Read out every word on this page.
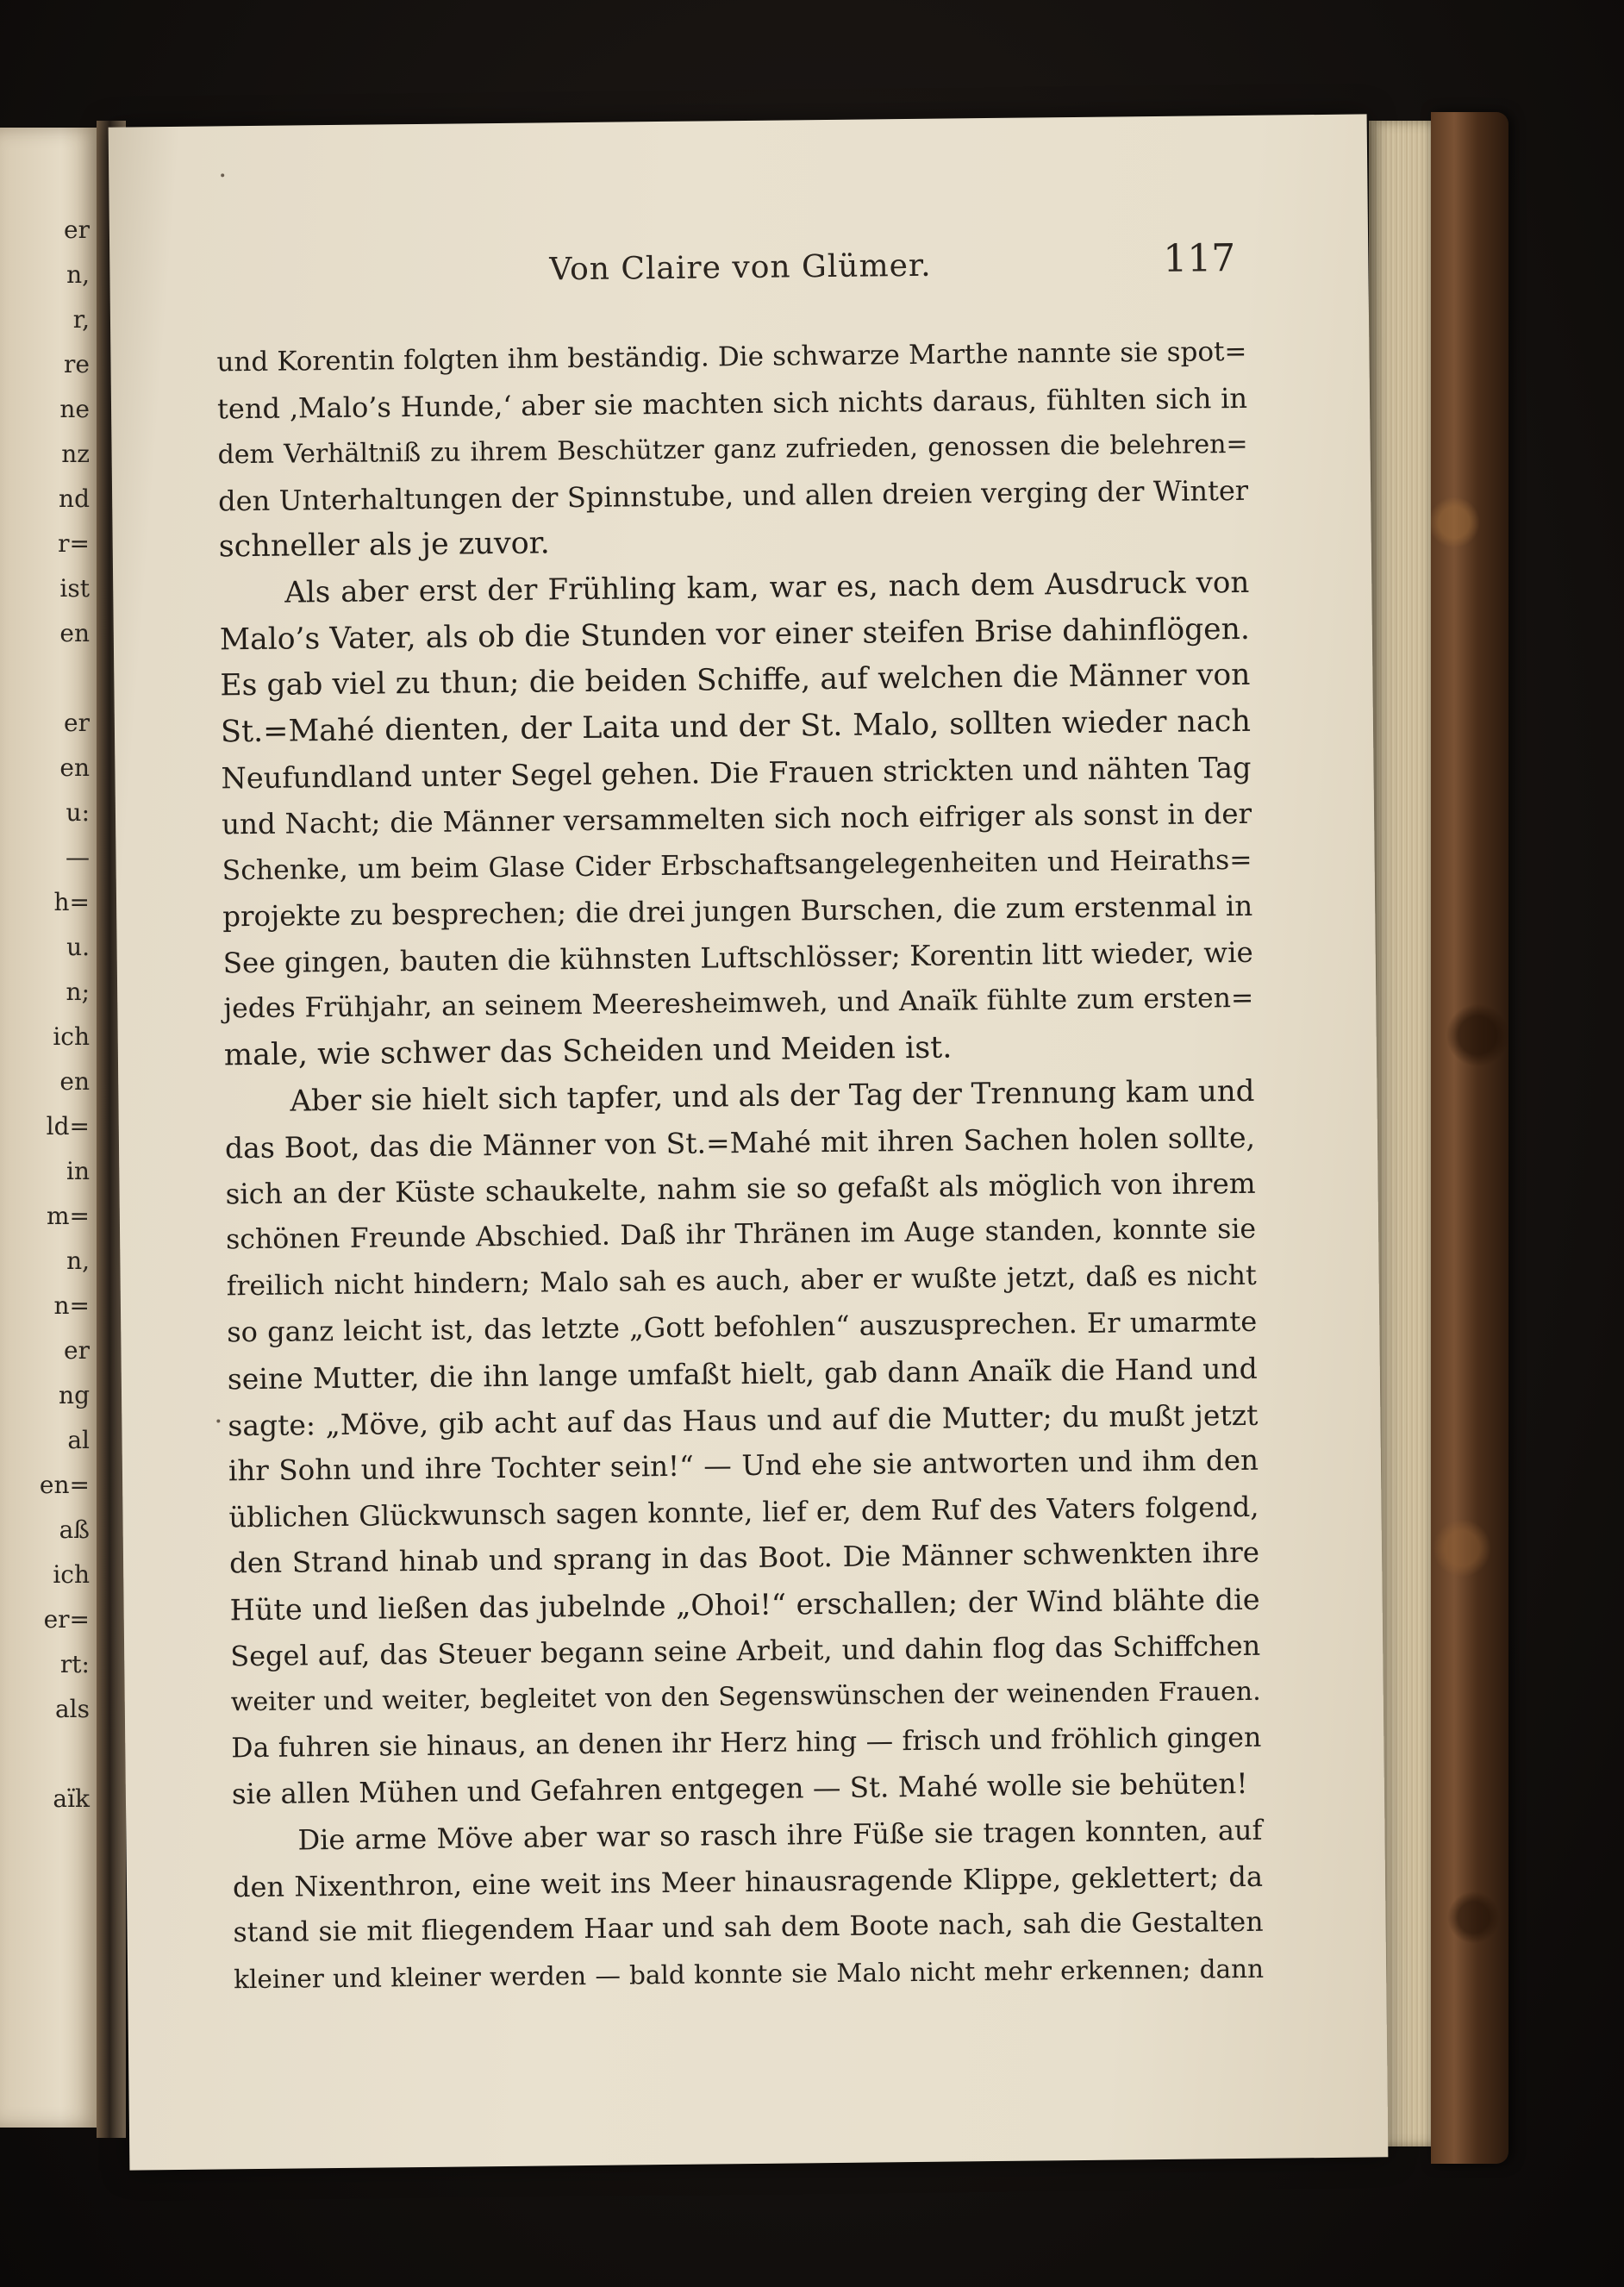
er
n,
r,
re
ne
nz
nd
r=
ist
en
er
en
u:
—
h=
u.
n;
ich
en
ld=
in
m=
n,
n=
er
ng
al
en=
aß
ich
er=
rt:
als
aïk
Von Claire von Glümer.	117
und Korentin folgten ihm beständig. Die schwarze Marthe nannte sie spot=
tend ‚Malo’s Hunde,‘ aber sie machten sich nichts daraus, fühlten sich in
dem Verhältniß zu ihrem Beschützer ganz zufrieden, genossen die belehren=
den Unterhaltungen der Spinnstube, und allen dreien verging der Winter
schneller als je zuvor.
Als aber erst der Frühling kam, war es, nach dem Ausdruck von
Malo’s Vater, als ob die Stunden vor einer steifen Brise dahinflögen.
Es gab viel zu thun; die beiden Schiffe, auf welchen die Männer von
St.=Mahé dienten, der Laita und der St. Malo, sollten wieder nach
Neufundland unter Segel gehen. Die Frauen strickten und nähten Tag
und Nacht; die Männer versammelten sich noch eifriger als sonst in der
Schenke, um beim Glase Cider Erbschaftsangelegenheiten und Heiraths=
projekte zu besprechen; die drei jungen Burschen, die zum erstenmal in
See gingen, bauten die kühnsten Luftschlösser; Korentin litt wieder, wie
jedes Frühjahr, an seinem Meeresheimweh, und Anaïk fühlte zum ersten=
male, wie schwer das Scheiden und Meiden ist.
Aber sie hielt sich tapfer, und als der Tag der Trennung kam und
das Boot, das die Männer von St.=Mahé mit ihren Sachen holen sollte,
sich an der Küste schaukelte, nahm sie so gefaßt als möglich von ihrem
schönen Freunde Abschied. Daß ihr Thränen im Auge standen, konnte sie
freilich nicht hindern; Malo sah es auch, aber er wußte jetzt, daß es nicht
so ganz leicht ist, das letzte „Gott befohlen“ auszusprechen. Er umarmte
seine Mutter, die ihn lange umfaßt hielt, gab dann Anaïk die Hand und
sagte: „Möve, gib acht auf das Haus und auf die Mutter; du mußt jetzt
ihr Sohn und ihre Tochter sein!“ — Und ehe sie antworten und ihm den
üblichen Glückwunsch sagen konnte, lief er, dem Ruf des Vaters folgend,
den Strand hinab und sprang in das Boot. Die Männer schwenkten ihre
Hüte und ließen das jubelnde „Ohoi!“ erschallen; der Wind blähte die
Segel auf, das Steuer begann seine Arbeit, und dahin flog das Schiffchen
weiter und weiter, begleitet von den Segenswünschen der weinenden Frauen.
Da fuhren sie hinaus, an denen ihr Herz hing — frisch und fröhlich gingen
sie allen Mühen und Gefahren entgegen — St. Mahé wolle sie behüten!
Die arme Möve aber war so rasch ihre Füße sie tragen konnten, auf
den Nixenthron, eine weit ins Meer hinausragende Klippe, geklettert; da
stand sie mit fliegendem Haar und sah dem Boote nach, sah die Gestalten
kleiner und kleiner werden — bald konnte sie Malo nicht mehr erkennen; dann
